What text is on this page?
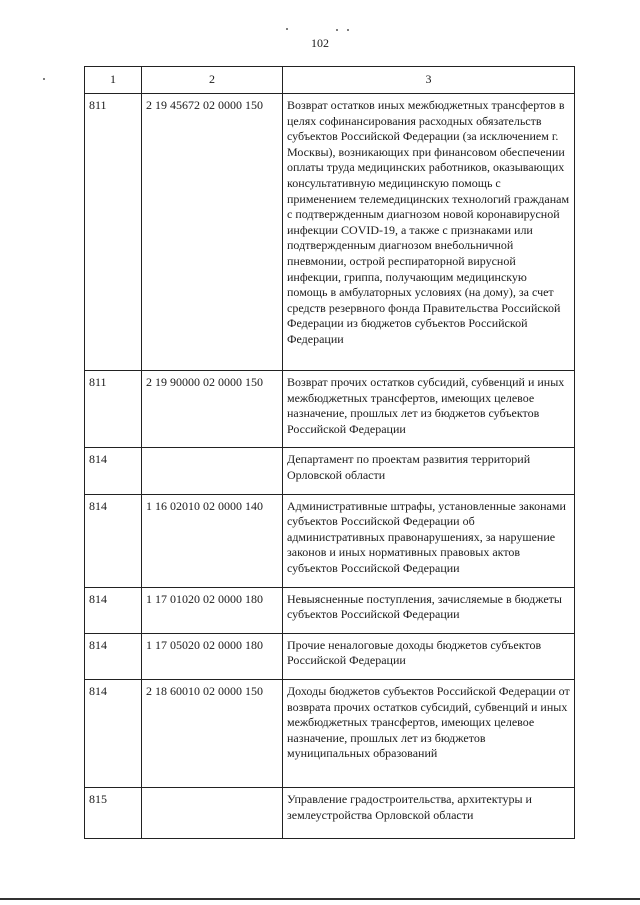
102
1	2	3
811	2 19 45672 02 0000 150	Возврат остатков иных межбюджетных трансфертов в целях софинансирования расходных обязательств субъектов Российской Федерации (за исключением г. Москвы), возникающих при финансовом обеспечении оплаты труда медицинских работников, оказывающих консультативную медицинскую помощь с применением телемедицинских технологий гражданам с подтвержденным диагнозом новой коронавирусной инфекции COVID-19, а также с признаками или подтвержденным диагнозом внебольничной пневмонии, острой респираторной вирусной инфекции, гриппа, получающим медицинскую помощь в амбулаторных условиях (на дому), за счет средств резервного фонда Правительства Российской Федерации из бюджетов субъектов Российской Федерации
811	2 19 90000 02 0000 150	Возврат прочих остатков субсидий, субвенций и иных межбюджетных трансфертов, имеющих целевое назначение, прошлых лет из бюджетов субъектов Российской Федерации
814		Департамент по проектам развития территорий Орловской области
814	1 16 02010 02 0000 140	Административные штрафы, установленные законами субъектов Российской Федерации об административных правонарушениях, за нарушение законов и иных нормативных правовых актов субъектов Российской Федерации
814	1 17 01020 02 0000 180	Невыясненные поступления, зачисляемые в бюджеты субъектов Российской Федерации
814	1 17 05020 02 0000 180	Прочие неналоговые доходы бюджетов субъектов Российской Федерации
814	2 18 60010 02 0000 150	Доходы бюджетов субъектов Российской Федерации от возврата прочих остатков субсидий, субвенций и иных межбюджетных трансфертов, имеющих целевое назначение, прошлых лет из бюджетов муниципальных образований
815		Управление градостроительства, архитектуры и землеустройства Орловской области
